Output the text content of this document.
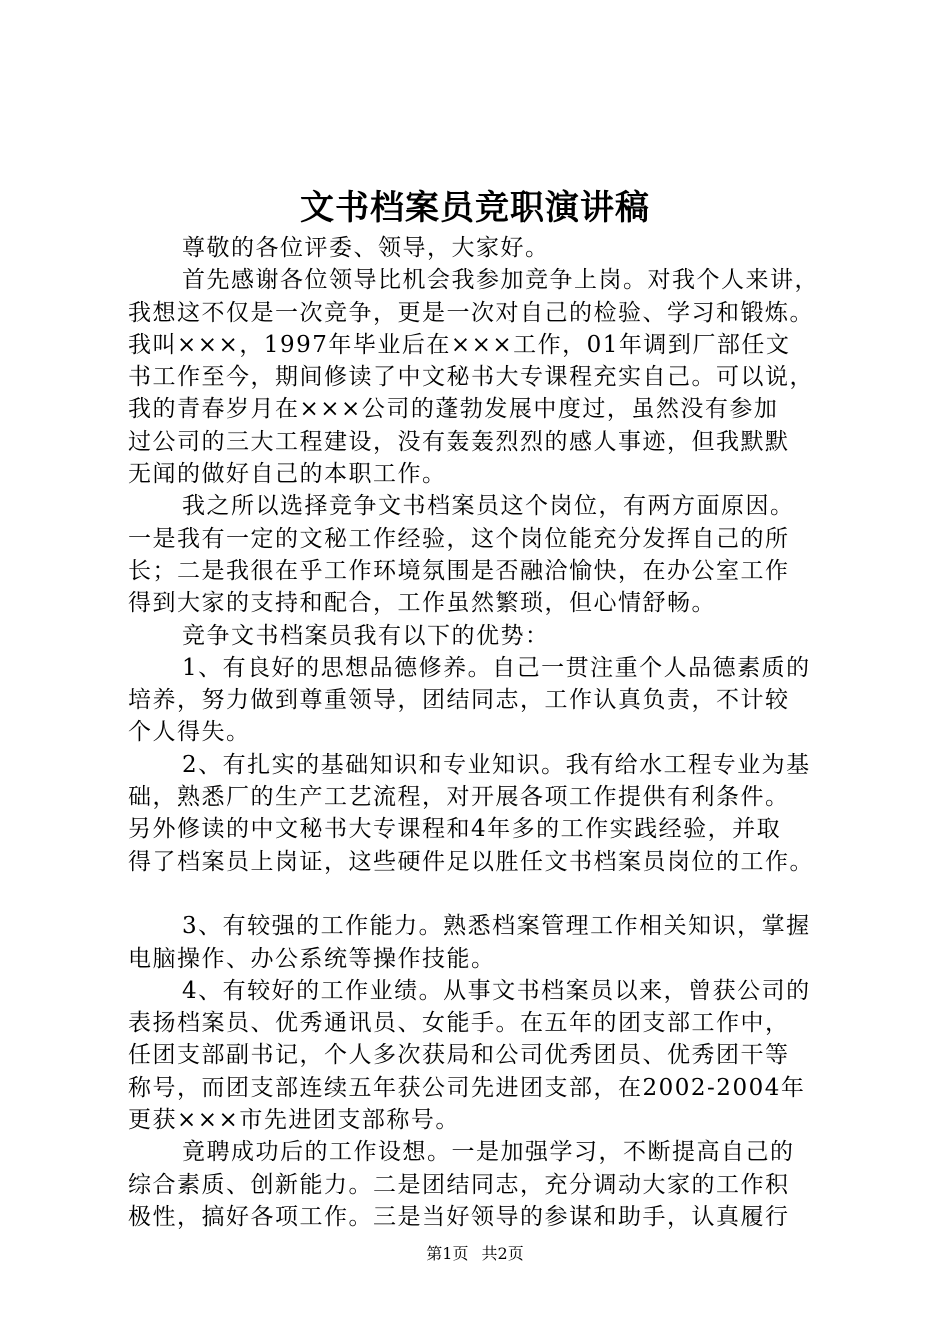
文书档案员竞职演讲稿
尊敬的各位评委、领导，大家好。
首先感谢各位领导比机会我参加竞争上岗。对我个人来讲，
我想这不仅是一次竞争，更是一次对自己的检验、学习和锻炼。
我叫×××，1997年毕业后在×××工作，01年调到厂部任文
书工作至今，期间修读了中文秘书大专课程充实自己。可以说，
我的青春岁月在×××公司的蓬勃发展中度过，虽然没有参加
过公司的三大工程建设，没有轰轰烈烈的感人事迹，但我默默
无闻的做好自己的本职工作。
我之所以选择竞争文书档案员这个岗位，有两方面原因。
一是我有一定的文秘工作经验，这个岗位能充分发挥自己的所
长；二是我很在乎工作环境氛围是否融洽愉快，在办公室工作
得到大家的支持和配合，工作虽然繁琐，但心情舒畅。
竞争文书档案员我有以下的优势：
1、有良好的思想品德修养。自己一贯注重个人品德素质的
培养，努力做到尊重领导，团结同志，工作认真负责，不计较
个人得失。
2、有扎实的基础知识和专业知识。我有给水工程专业为基
础，熟悉厂的生产工艺流程，对开展各项工作提供有利条件。
另外修读的中文秘书大专课程和4年多的工作实践经验，并取
得了档案员上岗证，这些硬件足以胜任文书档案员岗位的工作。
3、有较强的工作能力。熟悉档案管理工作相关知识，掌握
电脑操作、办公系统等操作技能。
4、有较好的工作业绩。从事文书档案员以来，曾获公司的
表扬档案员、优秀通讯员、女能手。在五年的团支部工作中，
任团支部副书记，个人多次获局和公司优秀团员、优秀团干等
称号，而团支部连续五年获公司先进团支部，在2002-2004年
更获×××市先进团支部称号。
竟聘成功后的工作设想。一是加强学习，不断提高自己的
综合素质、创新能力。二是团结同志，充分调动大家的工作积
极性，搞好各项工作。三是当好领导的参谋和助手，认真履行
第1页 共2页
